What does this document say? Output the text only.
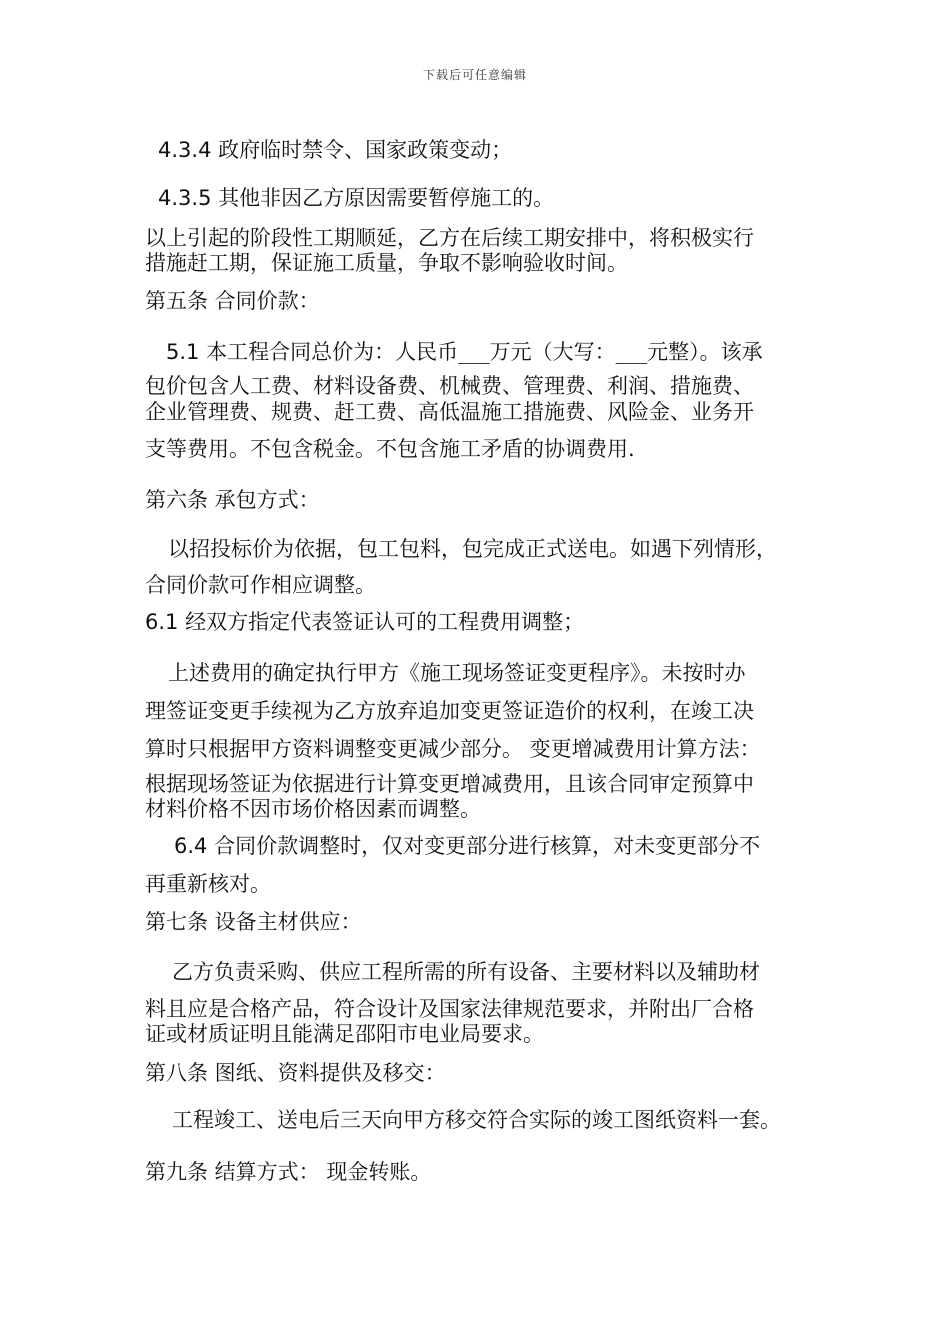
下载后可任意编辑
4.3.4 政府临时禁令、国家政策变动；
4.3.5 其他非因乙方原因需要暂停施工的。
以上引起的阶段性工期顺延，乙方在后续工期安排中，将积极实行
措施赶工期，保证施工质量，争取不影响验收时间。
第五条 合同价款：
5.1 本工程合同总价为：人民币___万元（大写：___元整）。该承
包价包含人工费、材料设备费、机械费、管理费、利润、措施费、
企业管理费、规费、赶工费、高低温施工措施费、风险金、业务开
支等费用。不包含税金。不包含施工矛盾的协调费用.
第六条 承包方式：
以招投标价为依据，包工包料，包完成正式送电。如遇下列情形，
合同价款可作相应调整。
6.1 经双方指定代表签证认可的工程费用调整；
上述费用的确定执行甲方《施工现场签证变更程序》。未按时办
理签证变更手续视为乙方放弃追加变更签证造价的权利，在竣工决
算时只根据甲方资料调整变更减少部分。 变更增减费用计算方法：
根据现场签证为依据进行计算变更增减费用，且该合同审定预算中
材料价格不因市场价格因素而调整。
6.4 合同价款调整时，仅对变更部分进行核算，对未变更部分不
再重新核对。
第七条 设备主材供应：
乙方负责采购、供应工程所需的所有设备、主要材料以及辅助材
料且应是合格产品，符合设计及国家法律规范要求，并附出厂合格
证或材质证明且能满足邵阳市电业局要求。
第八条 图纸、资料提供及移交：
工程竣工、送电后三天向甲方移交符合实际的竣工图纸资料一套。
第九条 结算方式： 现金转账。
